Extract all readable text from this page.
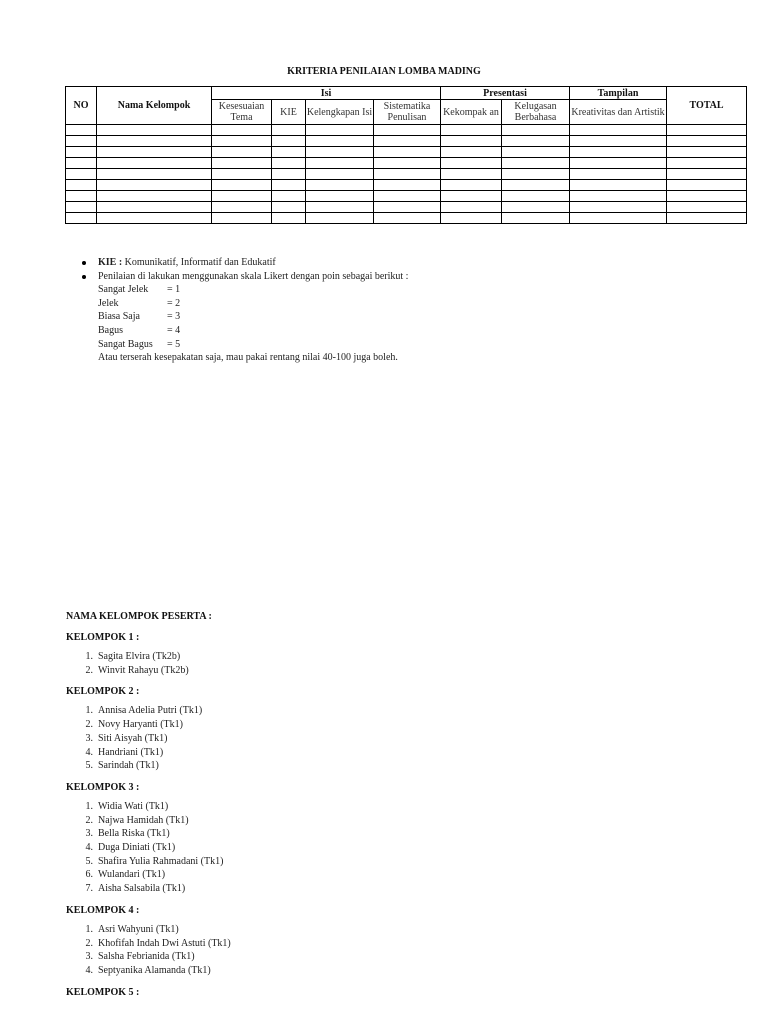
KRITERIA PENILAIAN LOMBA MADING
NO	Nama Kelompok	Isi				Presentasi		Tampilan	TOTAL
		Kesesuaian Tema	KIE	Kelengkapan Isi	Sistematika Penulisan	Kekompak an	Kelugasan Berbahasa	Kreativitas dan Artistik	

KIE : Komunikatif, Informatif dan Edukatif
Penilaian di lakukan menggunakan skala Likert dengan poin sebagai berikut :
Sangat Jelek	= 1
Jelek	= 2
Biasa Saja	= 3
Bagus	= 4
Sangat Bagus	= 5
Atau terserah kesepakatan saja, mau pakai rentang nilai 40-100 juga boleh.

NAMA KELOMPOK PESERTA :

KELOMPOK 1 :

1. Sagita Elvira (Tk2b)
2. Winvit Rahayu (Tk2b)

KELOMPOK 2 :

1. Annisa Adelia Putri (Tk1)
2. Novy Haryanti (Tk1)
3. Siti Aisyah (Tk1)
4. Handriani (Tk1)
5. Sarindah (Tk1)

KELOMPOK 3 :

1. Widia Wati (Tk1)
2. Najwa Hamidah (Tk1)
3. Bella Riska (Tk1)
4. Duga Diniati (Tk1)
5. Shafira Yulia Rahmadani (Tk1)
6. Wulandari (Tk1)
7. Aisha Salsabila (Tk1)

KELOMPOK 4 :

1. Asri Wahyuni (Tk1)
2. Khofifah Indah Dwi Astuti (Tk1)
3. Salsha Febrianida (Tk1)
4. Septyanika Alamanda (Tk1)

KELOMPOK 5 :
